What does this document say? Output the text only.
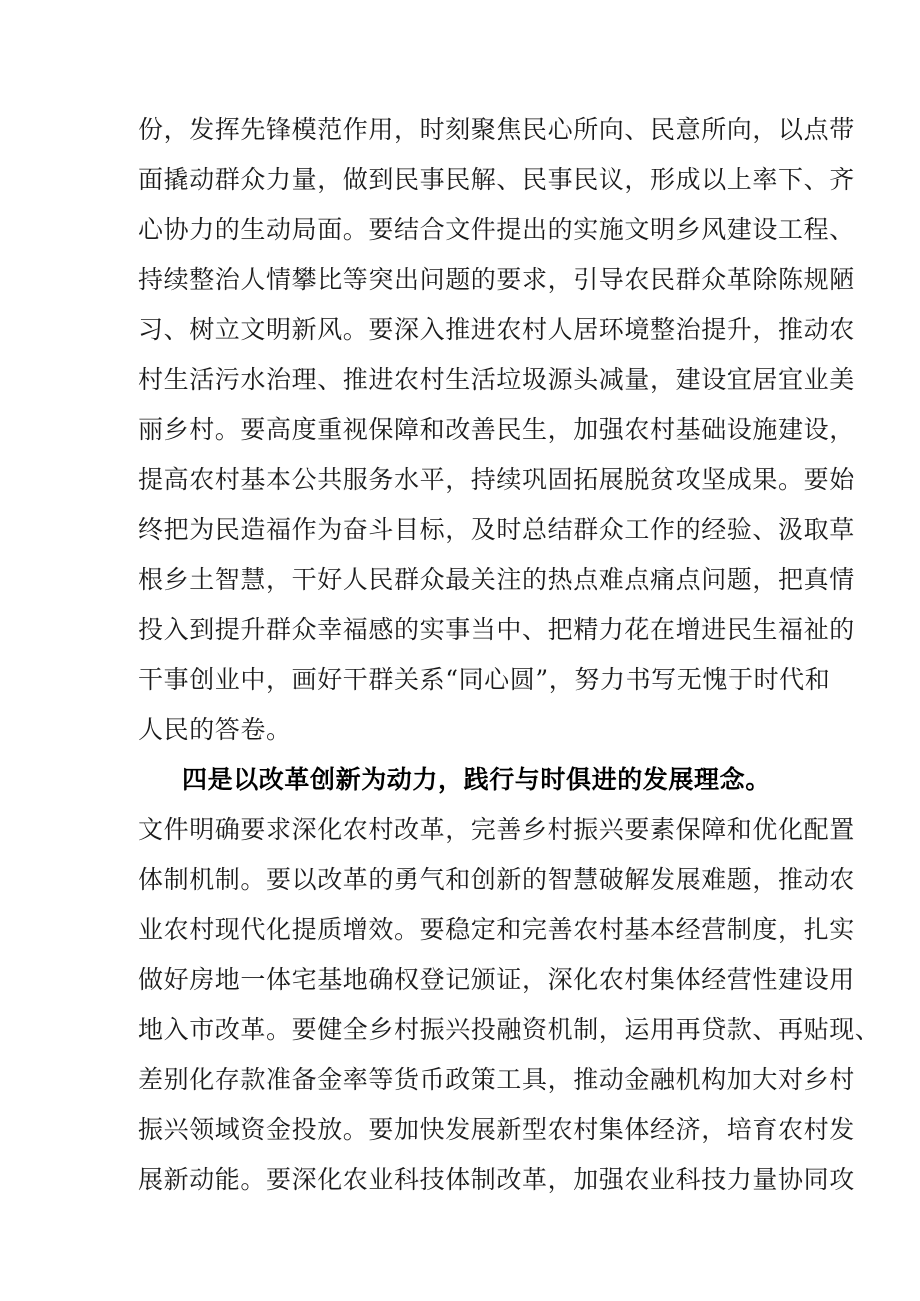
份，发挥先锋模范作用，时刻聚焦民心所向、民意所向，以点带
面撬动群众力量，做到民事民解、民事民议，形成以上率下、齐
心协力的生动局面。要结合文件提出的实施文明乡风建设工程、
持续整治人情攀比等突出问题的要求，引导农民群众革除陈规陋
习、树立文明新风。要深入推进农村人居环境整治提升，推动农
村生活污水治理、推进农村生活垃圾源头减量，建设宜居宜业美
丽乡村。要高度重视保障和改善民生，加强农村基础设施建设，
提高农村基本公共服务水平，持续巩固拓展脱贫攻坚成果。要始
终把为民造福作为奋斗目标，及时总结群众工作的经验、汲取草
根乡土智慧，干好人民群众最关注的热点难点痛点问题，把真情
投入到提升群众幸福感的实事当中、把精力花在增进民生福祉的
干事创业中，画好干群关系“同心圆”，努力书写无愧于时代和
人民的答卷。
四是以改革创新为动力，践行与时俱进的发展理念。
文件明确要求深化农村改革，完善乡村振兴要素保障和优化配置
体制机制。要以改革的勇气和创新的智慧破解发展难题，推动农
业农村现代化提质增效。要稳定和完善农村基本经营制度，扎实
做好房地一体宅基地确权登记颁证，深化农村集体经营性建设用
地入市改革。要健全乡村振兴投融资机制，运用再贷款、再贴现、
差别化存款准备金率等货币政策工具，推动金融机构加大对乡村
振兴领域资金投放。要加快发展新型农村集体经济，培育农村发
展新动能。要深化农业科技体制改革，加强农业科技力量协同攻
